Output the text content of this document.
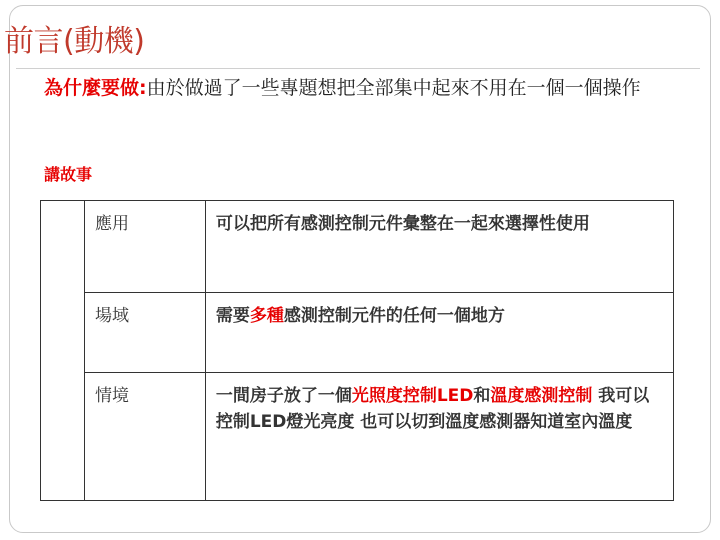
前言(動機)

為什麼要做:由於做過了一些專題想把全部集中起來不用在一個一個操作

講故事

	應用	可以把所有感測控制元件彙整在一起來選擇性使用
	場域	需要多種感測控制元件的任何一個地方
	情境	一間房子放了一個光照度控制LED和溫度感測控制 我可以控制LED燈光亮度 也可以切到溫度感測器知道室內溫度
